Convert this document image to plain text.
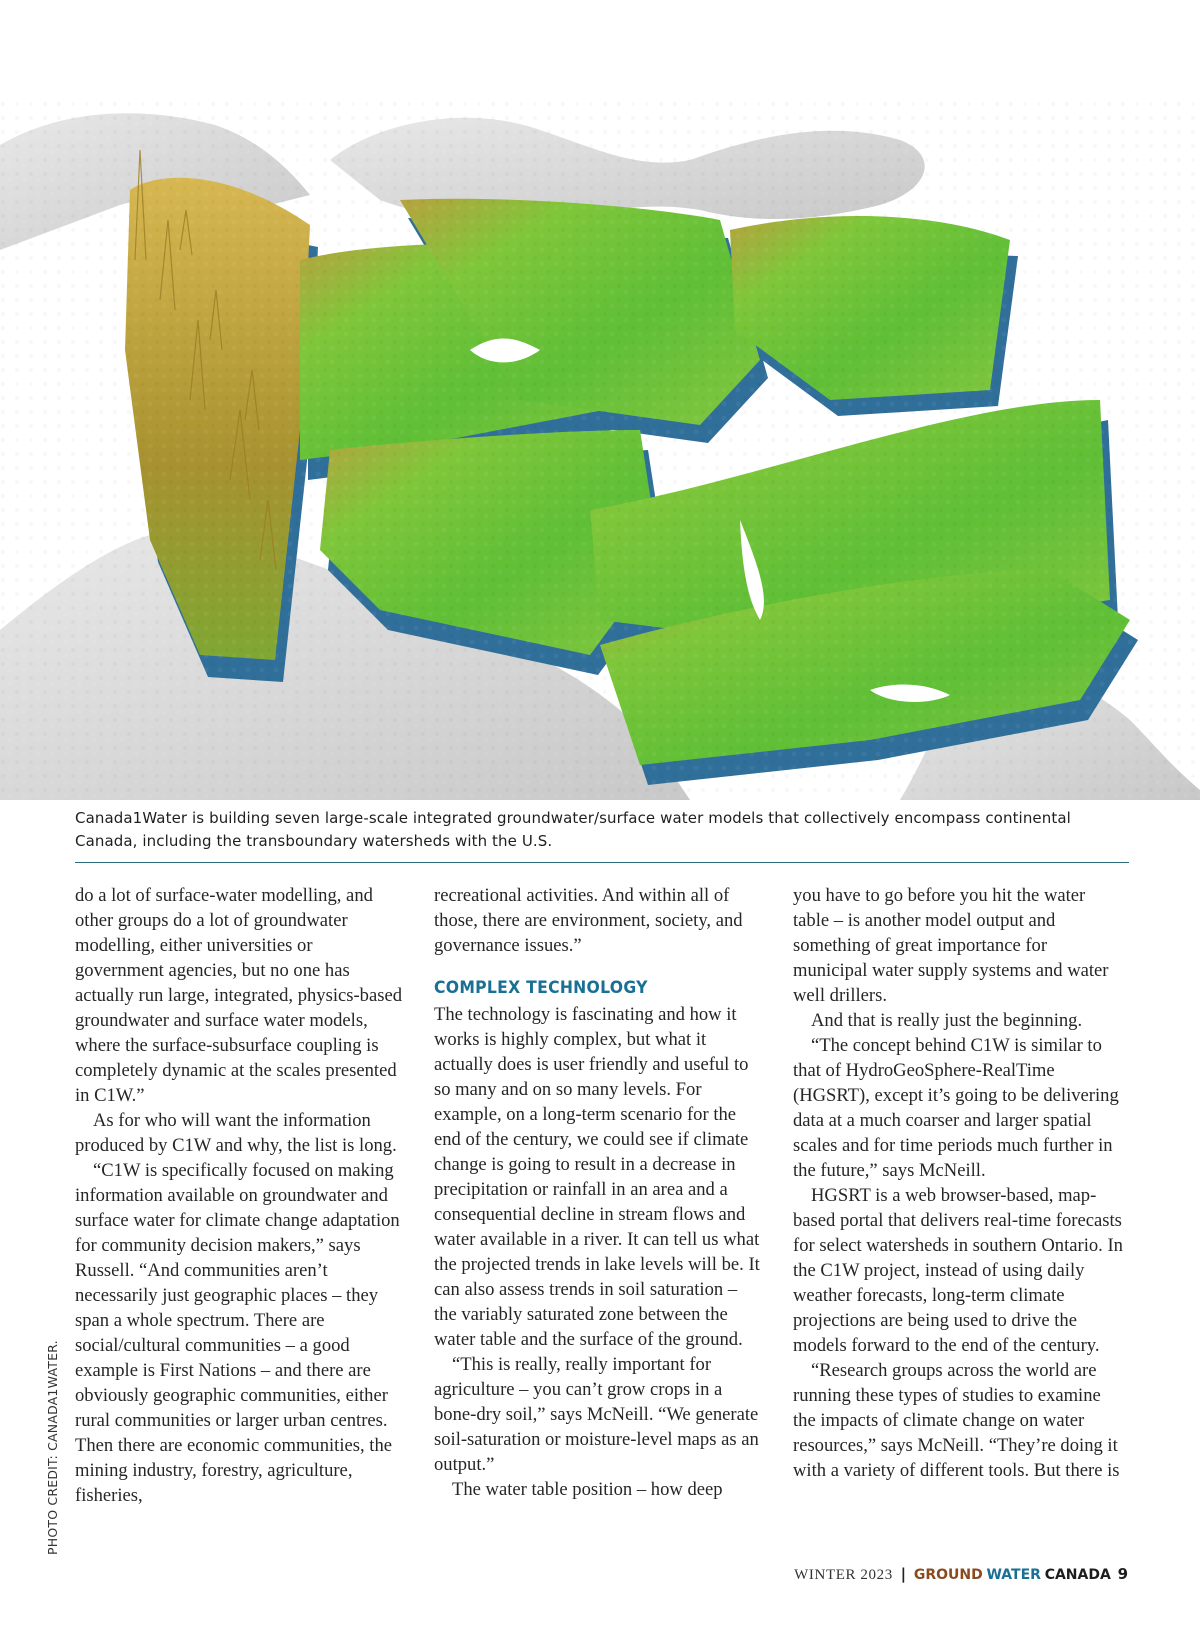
Canada1Water is building seven large-scale integrated groundwater/surface water models that collectively encompass continental Canada, including the transboundary watersheds with the U.S.

do a lot of surface-water modelling, and other groups do a lot of groundwater modelling, either universities or government agencies, but no one has actually run large, integrated, physics-based groundwater and surface water models, where the surface-subsurface coupling is completely dynamic at the scales presented in C1W.”

As for who will want the information produced by C1W and why, the list is long.

“C1W is specifically focused on making information available on groundwater and surface water for climate change adaptation for community decision makers,” says Russell. “And communities aren’t necessarily just geographic places – they span a whole spectrum. There are social/cultural communities – a good example is First Nations – and there are obviously geographic communities, either rural communities or larger urban centres. Then there are economic communities, the mining industry, forestry, agriculture, fisheries,

recreational activities. And within all of those, there are environment, society, and governance issues.”

COMPLEX TECHNOLOGY

The technology is fascinating and how it works is highly complex, but what it actually does is user friendly and useful to so many and on so many levels. For example, on a long-term scenario for the end of the century, we could see if climate change is going to result in a decrease in precipitation or rainfall in an area and a consequential decline in stream flows and water available in a river. It can tell us what the projected trends in lake levels will be. It can also assess trends in soil saturation – the variably saturated zone between the water table and the surface of the ground.

“This is really, really important for agriculture – you can’t grow crops in a bone-dry soil,” says McNeill. “We generate soil-saturation or moisture-level maps as an output.”

The water table position – how deep

you have to go before you hit the water table – is another model output and something of great importance for municipal water supply systems and water well drillers.

And that is really just the beginning.

“The concept behind C1W is similar to that of HydroGeoSphere-RealTime (HGSRT), except it’s going to be delivering data at a much coarser and larger spatial scales and for time periods much further in the future,” says McNeill.

HGSRT is a web browser-based, map-based portal that delivers real-time forecasts for select watersheds in southern Ontario. In the C1W project, instead of using daily weather forecasts, long-term climate projections are being used to drive the models forward to the end of the century.

“Research groups across the world are running these types of studies to examine the impacts of climate change on water resources,” says McNeill. “They’re doing it with a variety of different tools. But there is

PHOTO CREDIT: CANADA1WATER.
WINTER 2023 | GROUND WATER CANADA 9
